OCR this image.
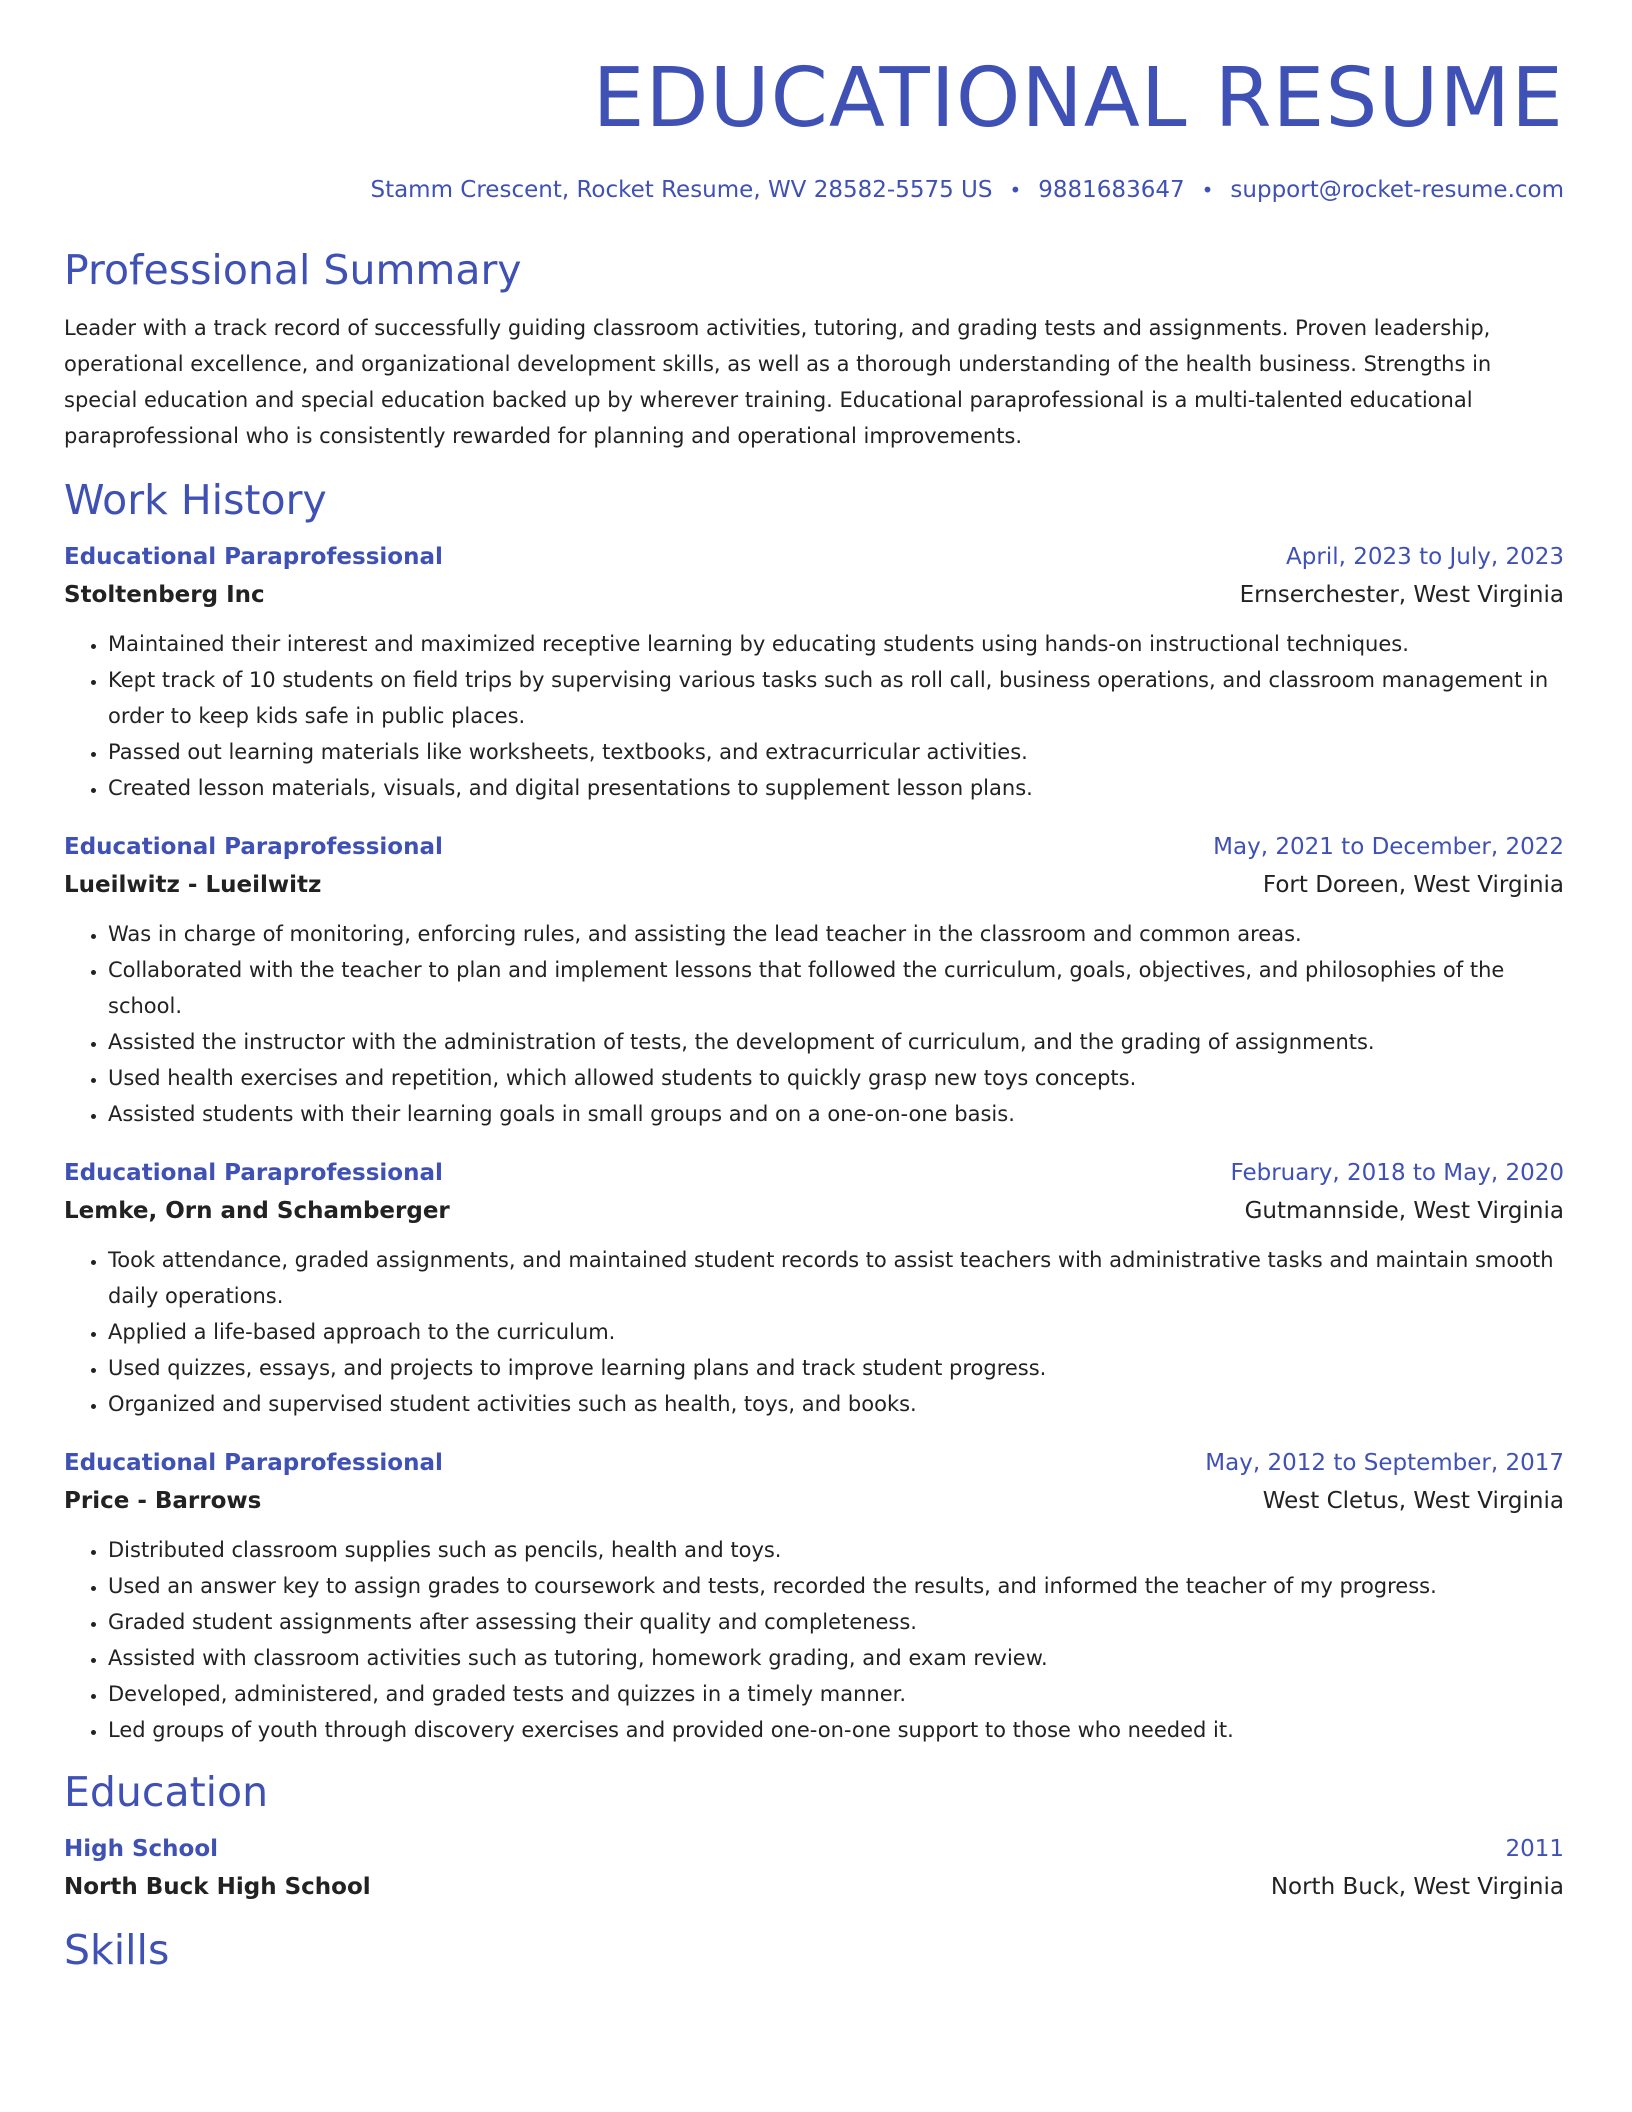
EDUCATIONAL RESUME
Stamm Crescent, Rocket Resume, WV 28582-5575 US • 9881683647 • support@rocket-resume.com
Professional Summary
Leader with a track record of successfully guiding classroom activities, tutoring, and grading tests and assignments. Proven leadership, operational excellence, and organizational development skills, as well as a thorough understanding of the health business. Strengths in special education and special education backed up by wherever training. Educational paraprofessional is a multi-talented educational paraprofessional who is consistently rewarded for planning and operational improvements.
Work History
Educational Paraprofessional	April, 2023 to July, 2023
Stoltenberg Inc	Ernserchester, West Virginia
• Maintained their interest and maximized receptive learning by educating students using hands-on instructional techniques.
• Kept track of 10 students on field trips by supervising various tasks such as roll call, business operations, and classroom management in order to keep kids safe in public places.
• Passed out learning materials like worksheets, textbooks, and extracurricular activities.
• Created lesson materials, visuals, and digital presentations to supplement lesson plans.
Educational Paraprofessional	May, 2021 to December, 2022
Lueilwitz - Lueilwitz	Fort Doreen, West Virginia
• Was in charge of monitoring, enforcing rules, and assisting the lead teacher in the classroom and common areas.
• Collaborated with the teacher to plan and implement lessons that followed the curriculum, goals, objectives, and philosophies of the school.
• Assisted the instructor with the administration of tests, the development of curriculum, and the grading of assignments.
• Used health exercises and repetition, which allowed students to quickly grasp new toys concepts.
• Assisted students with their learning goals in small groups and on a one-on-one basis.
Educational Paraprofessional	February, 2018 to May, 2020
Lemke, Orn and Schamberger	Gutmannside, West Virginia
• Took attendance, graded assignments, and maintained student records to assist teachers with administrative tasks and maintain smooth daily operations.
• Applied a life-based approach to the curriculum.
• Used quizzes, essays, and projects to improve learning plans and track student progress.
• Organized and supervised student activities such as health, toys, and books.
Educational Paraprofessional	May, 2012 to September, 2017
Price - Barrows	West Cletus, West Virginia
• Distributed classroom supplies such as pencils, health and toys.
• Used an answer key to assign grades to coursework and tests, recorded the results, and informed the teacher of my progress.
• Graded student assignments after assessing their quality and completeness.
• Assisted with classroom activities such as tutoring, homework grading, and exam review.
• Developed, administered, and graded tests and quizzes in a timely manner.
• Led groups of youth through discovery exercises and provided one-on-one support to those who needed it.
Education
High School	2011
North Buck High School	North Buck, West Virginia
Skills
